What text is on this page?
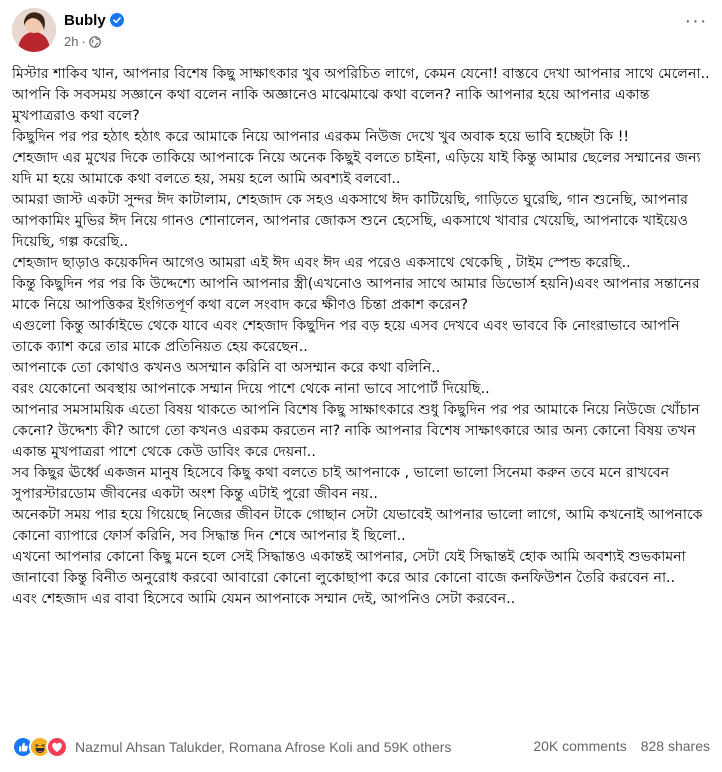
Bubly
2h ·
···

মিস্টার শাকিব খান, আপনার বিশেষ কিছু সাক্ষাৎকার খুব অপরিচিত লাগে, কেমন যেনো! বাস্তবে দেখা আপনার সাথে মেলেনা..

আপনি কি সবসময় সজ্ঞানে কথা বলেন নাকি অজ্ঞানেও মাঝেমাঝে কথা বলেন? নাকি আপনার হয়ে আপনার একান্ত মুখপাত্ররাও কথা বলে?

কিছুদিন পর পর হঠাৎ হঠাৎ করে আমাকে নিয়ে আপনার এরকম নিউজ দেখে খুব অবাক হয়ে ভাবি হচ্ছেটা কি !!

শেহজাদ এর মুখের দিকে তাকিয়ে আপনাকে নিয়ে অনেক কিছুই বলতে চাইনা, এড়িয়ে যাই কিন্তু আমার ছেলের সম্মানের জন্য যদি মা হয়ে আমাকে কথা বলতে হয়, সময় হলে আমি অবশ্যই বলবো..

আমরা জাস্ট একটা সুন্দর ঈদ কাটালাম, শেহজাদ কে সহও একসাথে ঈদ কাটিয়েছি, গাড়িতে ঘুরেছি, গান শুনেছি, আপনার আপকামিং মুভির ঈদ নিয়ে গানও শোনালেন, আপনার জোকস শুনে হেসেছি, একসাথে খাবার খেয়েছি, আপনাকে খাইয়েও দিয়েছি, গল্প করেছি..

শেহজাদ ছাড়াও কয়েকদিন আগেও আমরা এই ঈদ এবং ঈদ এর পরেও একসাথে থেকেছি , টাইম স্পেন্ড করেছি..

কিন্তু কিছুদিন পর পর কি উদ্দেশ্যে আপনি আপনার স্ত্রী(এখনোও আপনার সাথে আমার ডিভোর্স হয়নি)এবং আপনার সন্তানের মাকে নিয়ে আপত্তিকর ইংগিতপূর্ণ কথা বলে সংবাদ করে ক্ষীণও চিন্তা প্রকাশ করেন?

এগুলো কিন্তু আর্কাইভে থেকে যাবে এবং শেহজাদ কিছুদিন পর বড় হয়ে এসব দেখবে এবং ভাববে কি নোংরাভাবে আপনি তাকে ক্যাশ করে তার মাকে প্রতিনিয়ত হেয় করেছেন..

আপনাকে তো কোথাও কখনও অসম্মান করিনি বা অসম্মান করে কথা বলিনি..

বরং যেকোনো অবস্থায় আপনাকে সম্মান দিয়ে পাশে থেকে নানা ভাবে সাপোর্ট দিয়েছি..

আপনার সমসাময়িক এতো বিষয় থাকতে আপনি বিশেষ কিছু সাক্ষাৎকারে শুধু কিছুদিন পর পর আমাকে নিয়ে নিউজে খোঁচান কেনো? উদ্দেশ্য কী? আগে তো কখনও এরকম করতেন না? নাকি আপনার বিশেষ সাক্ষাৎকারে আর অন্য কোনো বিষয় তখন একান্ত মুখপাত্ররা পাশে থেকে কেউ ডাবিং করে দেয়না..

সব কিছুর ঊর্ধ্বে একজন মানুষ হিসেবে কিছু কথা বলতে চাই আপনাকে , ভালো ভালো সিনেমা করুন তবে মনে রাখবেন সুপারস্টারডোম জীবনের একটা অংশ কিন্তু এটাই পুরো জীবন নয়..

অনেকটা সময় পার হয়ে গিয়েছে নিজের জীবন টাকে গোছান সেটা যেভাবেই আপনার ভালো লাগে, আমি কখনোই আপনাকে কোনো ব্যাপারে ফোর্স করিনি, সব সিদ্ধান্ত দিন শেষে আপনার ই ছিলো..

এখনো আপনার কোনো কিছু মনে হলে সেই সিদ্ধান্তও একান্তই আপনার, সেটা যেই সিদ্ধান্তই হোক আমি অবশ্যই শুভকামনা জানাবো কিন্তু বিনীত অনুরোধ করবো আবারো কোনো লুকোছাপা করে আর কোনো বাজে কনফিউশন তৈরি করবেন না..

এবং শেহজাদ এর বাবা হিসেবে আমি যেমন আপনাকে সম্মান দেই, আপনিও সেটা করবেন..

Nazmul Ahsan Talukder, Romana Afrose Koli and 59K others	20K comments 828 shares
